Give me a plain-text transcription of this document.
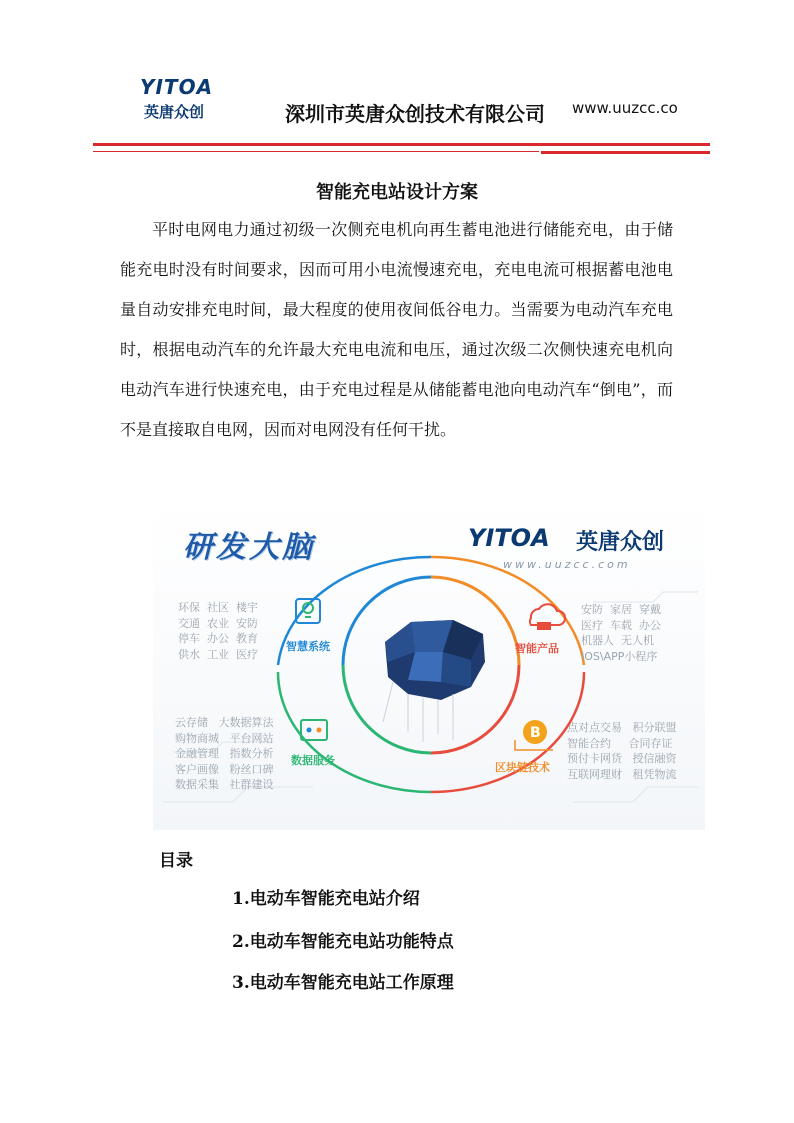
YITOA
英唐众创	深圳市英唐众创技术有限公司 www.uuzcc.co
智能充电站设计方案
平时电网电力通过初级一次侧充电机向再生蓄电池进行储能充电，由于储能充电时没有时间要求，因而可用小电流慢速充电，充电电流可根据蓄电池电量自动安排充电时间，最大程度的使用夜间低谷电力。当需要为电动汽车充电时，根据电动汽车的允许最大充电电流和电压，通过次级二次侧快速充电机向电动汽车进行快速充电，由于充电过程是从储能蓄电池向电动汽车“倒电”，而不是直接取自电网，因而对电网没有任何干扰。
B
研发大脑	YITOA 英唐众创
www.uuzcc.com
环保  社区  楼宇
交通  农业  安防
停车  办公  教育
供水  工业  医疗
智慧系统
安防  家居  穿戴
医疗  车载  办公
机器人  无人机
IOS\APP小程序
智能产品
云存储   大数据算法
购物商城   平台网站
金融管理   指数分析
客户画像   粉丝口碑
数据采集   社群建设
数据服务
点对点交易   积分联盟
智能合约     合同存证
预付卡网货   授信融资
互联网理财   租凭物流
区块链技术
目录
1.电动车智能充电站介绍
2.电动车智能充电站功能特点
3.电动车智能充电站工作原理
